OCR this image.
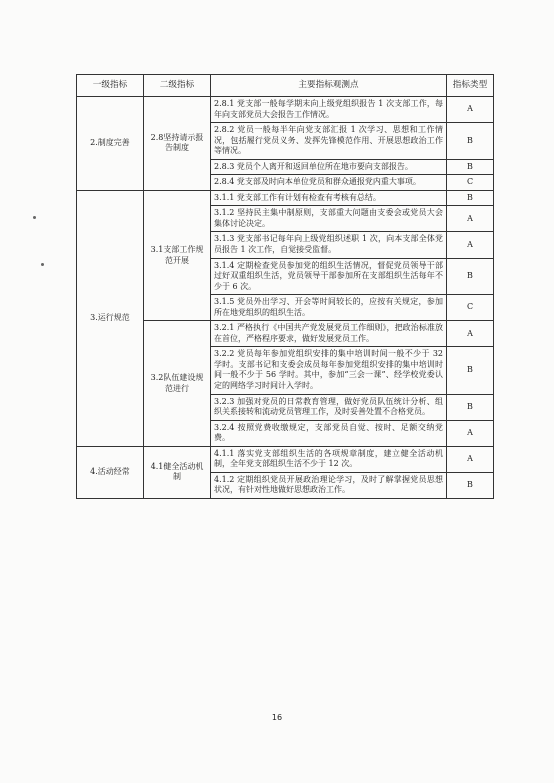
一级指标	二级指标	主要指标观测点	指标类型
2.制度完善	2.8坚持请示报告制度	2.8.1 党支部一般每学期末向上级党组织报告 1 次支部工作，每年向支部党员大会报告工作情况。	A
		2.8.2 党员一般每半年向党支部汇报 1 次学习、思想和工作情况，包括履行党员义务、发挥先锋模范作用、开展思想政治工作等情况。	B
		2.8.3 党员个人离开和返回单位所在地市要向支部报告。	B
		2.8.4 党支部及时向本单位党员和群众通报党内重大事项。	C
3.运行规范	3.1支部工作规范开展	3.1.1 党支部工作有计划有检查有考核有总结。	B
		3.1.2 坚持民主集中制原则，支部重大问题由支委会或党员大会集体讨论决定。	A
		3.1.3 党支部书记每年向上级党组织述职 1 次，向本支部全体党员报告 1 次工作，自觉接受监督。	A
		3.1.4 定期检查党员参加党的组织生活情况，督促党员领导干部过好双重组织生活，党员领导干部参加所在支部组织生活每年不少于 6 次。	B
		3.1.5 党员外出学习、开会等时间较长的，应按有关规定，参加所在地党组织的组织生活。	C
	3.2队伍建设规范进行	3.2.1 严格执行《中国共产党发展党员工作细则》，把政治标准放在首位，严格程序要求，做好发展党员工作。	A
		3.2.2 党员每年参加党组织安排的集中培训时间一般不少于 32 学时。支部书记和支委会成员每年参加党组织安排的集中培训时间一般不少于 56 学时。其中，参加“三会一课”、经学校党委认定的网络学习时间计入学时。	B
		3.2.3 加强对党员的日常教育管理，做好党员队伍统计分析、组织关系接转和流动党员管理工作，及时妥善处置不合格党员。	B
		3.2.4 按照党费收缴规定，支部党员自觉、按时、足额交纳党费。	A
4.活动经常	4.1健全活动机制	4.1.1 落实党支部组织生活的各项规章制度，建立健全活动机制，全年党支部组织生活不少于 12 次。	A
		4.1.2 定期组织党员开展政治理论学习，及时了解掌握党员思想状况，有针对性地做好思想政治工作。	B
16
